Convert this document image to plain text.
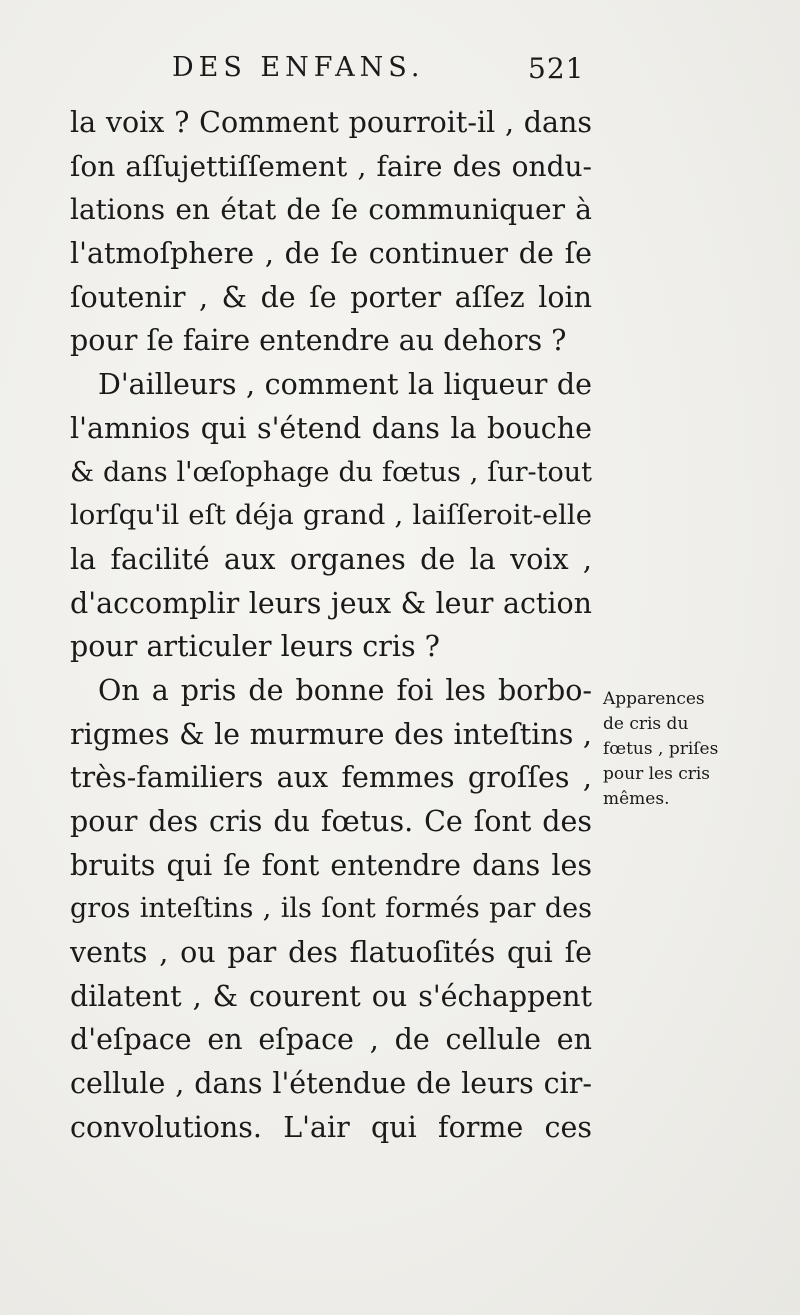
DES ENFANS.	521
la voix ? Comment pourroit-il , dans
ſon aſſujettiſſement , faire des ondu-
lations en état de ſe communiquer à
l'atmoſphere , de ſe continuer de ſe
ſoutenir , & de ſe porter aſſez loin
pour ſe faire entendre au dehors ?
D'ailleurs , comment la liqueur de
l'amnios qui s'étend dans la bouche
& dans l'œſophage du fœtus , ſur-tout
lorſqu'il eſt déja grand , laiſſeroit-elle
la facilité aux organes de la voix ,
d'accomplir leurs jeux & leur action
pour articuler leurs cris ?
On a pris de bonne foi les borbo-
rigmes & le murmure des inteſtins ,
très-familiers aux femmes groſſes ,
pour des cris du fœtus. Ce ſont des
bruits qui ſe font entendre dans les
gros inteſtins , ils ſont formés par des
vents , ou par des flatuoſités qui ſe
dilatent , & courent ou s'échappent
d'eſpace en eſpace , de cellule en
cellule , dans l'étendue de leurs cir-
convolutions. L'air qui forme ces
Apparences
de cris du
fœtus , priſes
pour les cris
mêmes.
